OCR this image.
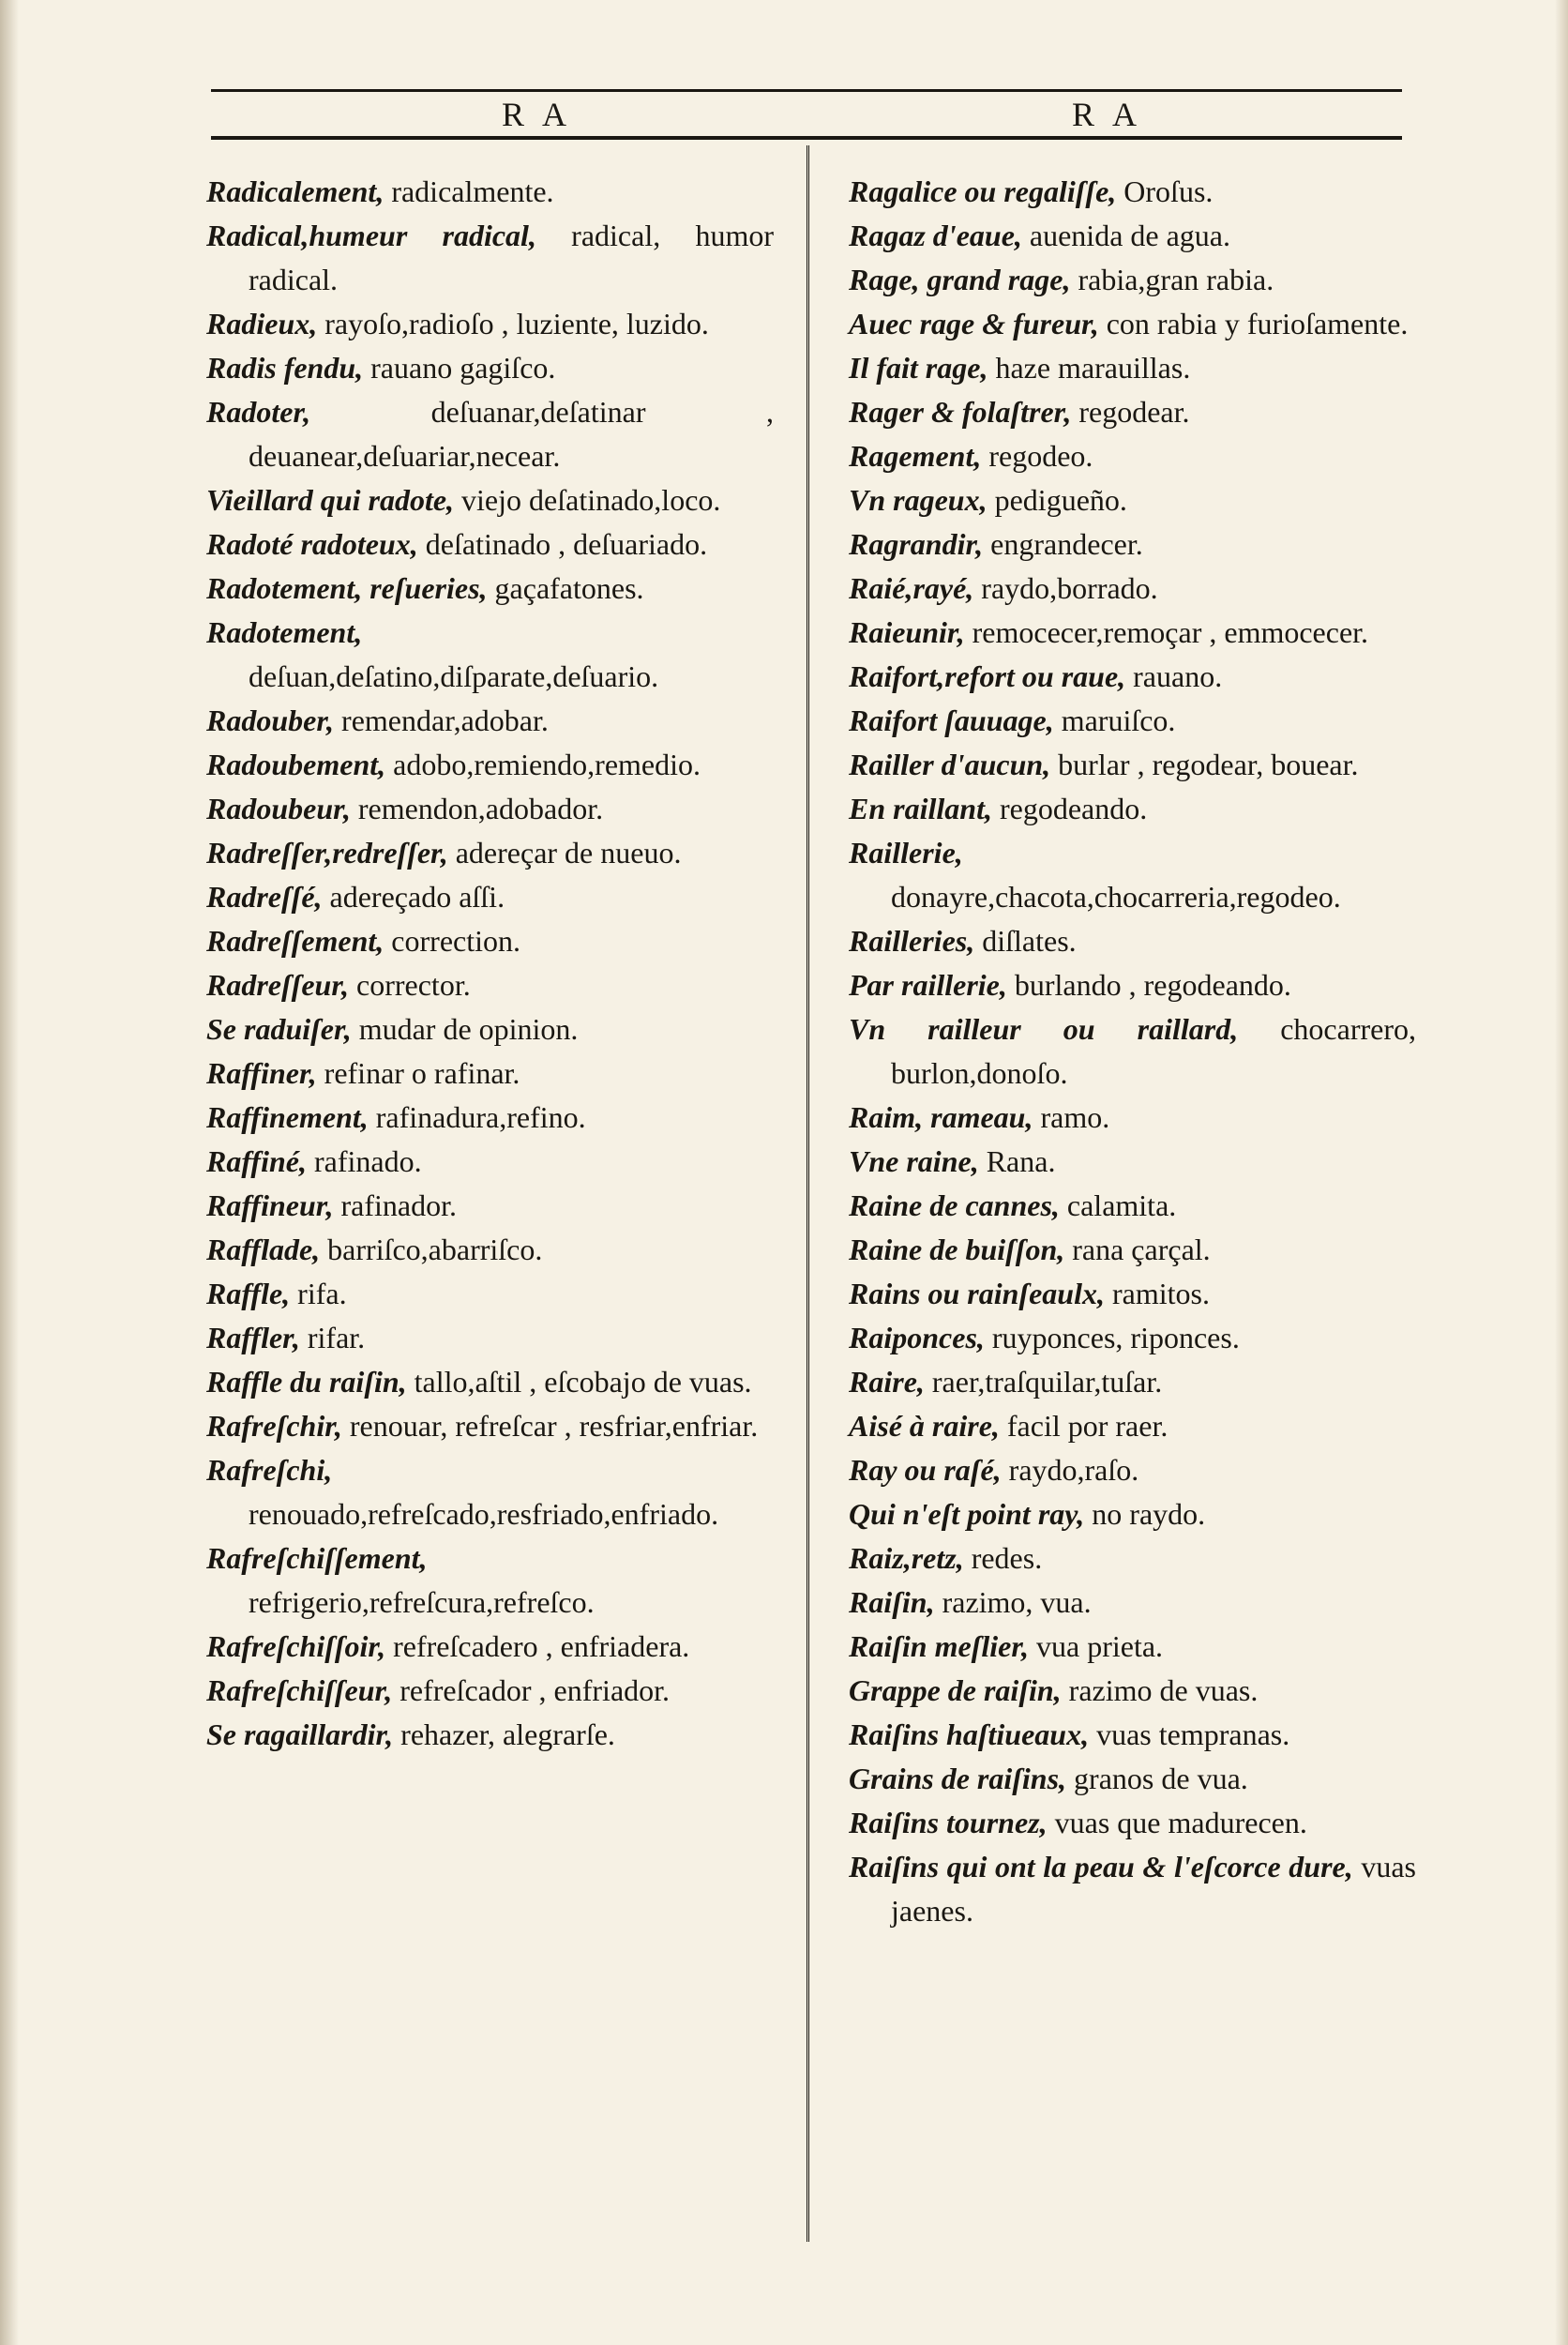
R A	R A
Radicalement, radicalmente.
Radical,humeur radical, radical, humor radical.
Radieux, rayoſo,radioſo , luziente, luzido.
Radis fendu, rauano gagiſco.
Radoter, deſuanar,deſatinar , deuanear,deſuariar,necear.
Vieillard qui radote, viejo deſatinado,loco.
Radoté radoteux, deſatinado , deſuariado.
Radotement, reſueries, gaçafatones.
Radotement, deſuan,deſatino,diſparate,deſuario.
Radouber, remendar,adobar.
Radoubement, adobo,remiendo,remedio.
Radoubeur, remendon,adobador.
Radreſſer,redreſſer, adereçar de nueuo.
Radreſſé, adereçado aſſi.
Radreſſement, correction.
Radreſſeur, corrector.
Se raduiſer, mudar de opinion.
Raffiner, refinar o rafinar.
Raffinement, rafinadura,refino.
Raffiné, rafinado.
Raffineur, rafinador.
Rafflade, barriſco,abarriſco.
Raffle, rifa.
Raffler, rifar.
Raffle du raiſin, tallo,aſtil , eſcobajo de vuas.
Rafreſchir, renouar, refreſcar , resfriar,enfriar.
Rafreſchi, renouado,refreſcado,resfriado,enfriado.
Rafreſchiſſement, refrigerio,refreſcura,refreſco.
Rafreſchiſſoir, refreſcadero , enfriadera.
Rafreſchiſſeur, refreſcador , enfriador.
Se ragaillardir, rehazer, alegrarſe.
Ragalice ou regaliſſe, Oroſus.
Ragaz d'eaue, auenida de agua.
Rage, grand rage, rabia,gran rabia.
Auec rage & fureur, con rabia y furioſamente.
Il fait rage, haze marauillas.
Rager & folaſtrer, regodear.
Ragement, regodeo.
Vn rageux, pedigueño.
Ragrandir, engrandecer.
Raié,rayé, raydo,borrado.
Raieunir, remocecer,remoçar , emmocecer.
Raifort,refort ou raue, rauano.
Raifort ſauuage, maruiſco.
Railler d'aucun, burlar , regodear, bouear.
En raillant, regodeando.
Raillerie, donayre,chacota,chocarreria,regodeo.
Railleries, diſlates.
Par raillerie, burlando , regodeando.
Vn railleur ou raillard, chocarrero, burlon,donoſo.
Raim, rameau, ramo.
Vne raine, Rana.
Raine de cannes, calamita.
Raine de buiſſon, rana çarçal.
Rains ou rainſeaulx, ramitos.
Raiponces, ruyponces, riponces.
Raire, raer,traſquilar,tuſar.
Aisé à raire, facil por raer.
Ray ou raſé, raydo,raſo.
Qui n'eſt point ray, no raydo.
Raiz,retz, redes.
Raiſin, razimo, vua.
Raiſin meſlier, vua prieta.
Grappe de raiſin, razimo de vuas.
Raiſins haſtiueaux, vuas tempranas.
Grains de raiſins, granos de vua.
Raiſins tournez, vuas que madurecen.
Raiſins qui ont la peau & l'eſcorce dure, vuas jaenes.
